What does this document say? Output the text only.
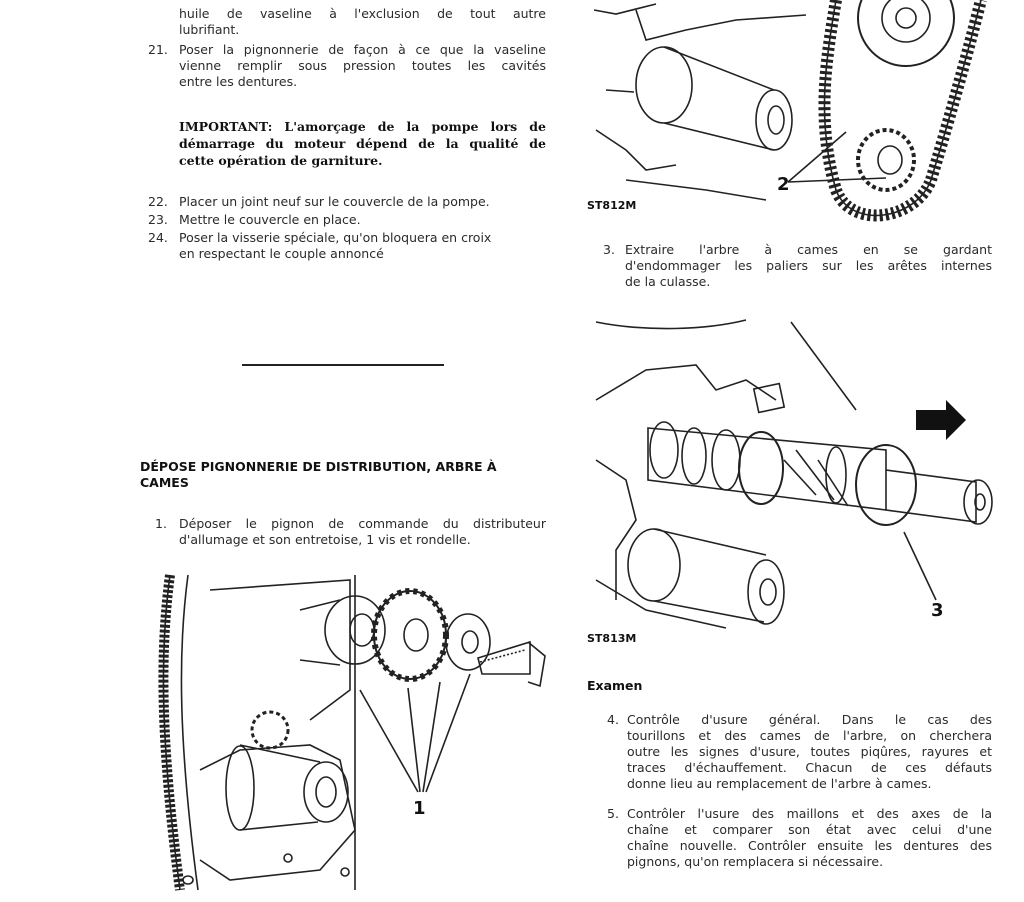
huile de vaseline à l'exclusion de tout autre
lubrifiant.
21. Poser la pignonnerie de façon à ce que la vaseline
vienne remplir sous pression toutes les cavités
entre les dentures.
IMPORTANT: L'amorçage de la pompe lors de
démarrage du moteur dépend de la qualité de
cette opération de garniture.
22. Placer un joint neuf sur le couvercle de la pompe.
23. Mettre le couvercle en place.
24. Poser la visserie spéciale, qu'on bloquera en croix
en respectant le couple annoncé
DÉPOSE PIGNONNERIE DE DISTRIBUTION, ARBRE À
CAMES
1. Déposer le pignon de commande du distributeur
d'allumage et son entretoise, 1 vis et rondelle.
1
2
ST812M
3. Extraire l'arbre à cames en se gardant
d'endommager les paliers sur les arêtes internes
de la culasse.
3
ST813M
Examen
4. Contrôle d'usure général. Dans le cas des
tourillons et des cames de l'arbre, on cherchera
outre les signes d'usure, toutes piqûres, rayures et
traces d'échauffement. Chacun de ces défauts
donne lieu au remplacement de l'arbre à cames.
5. Contrôler l'usure des maillons et des axes de la
chaîne et comparer son état avec celui d'une
chaîne nouvelle. Contrôler ensuite les dentures des
pignons, qu'on remplacera si nécessaire.
